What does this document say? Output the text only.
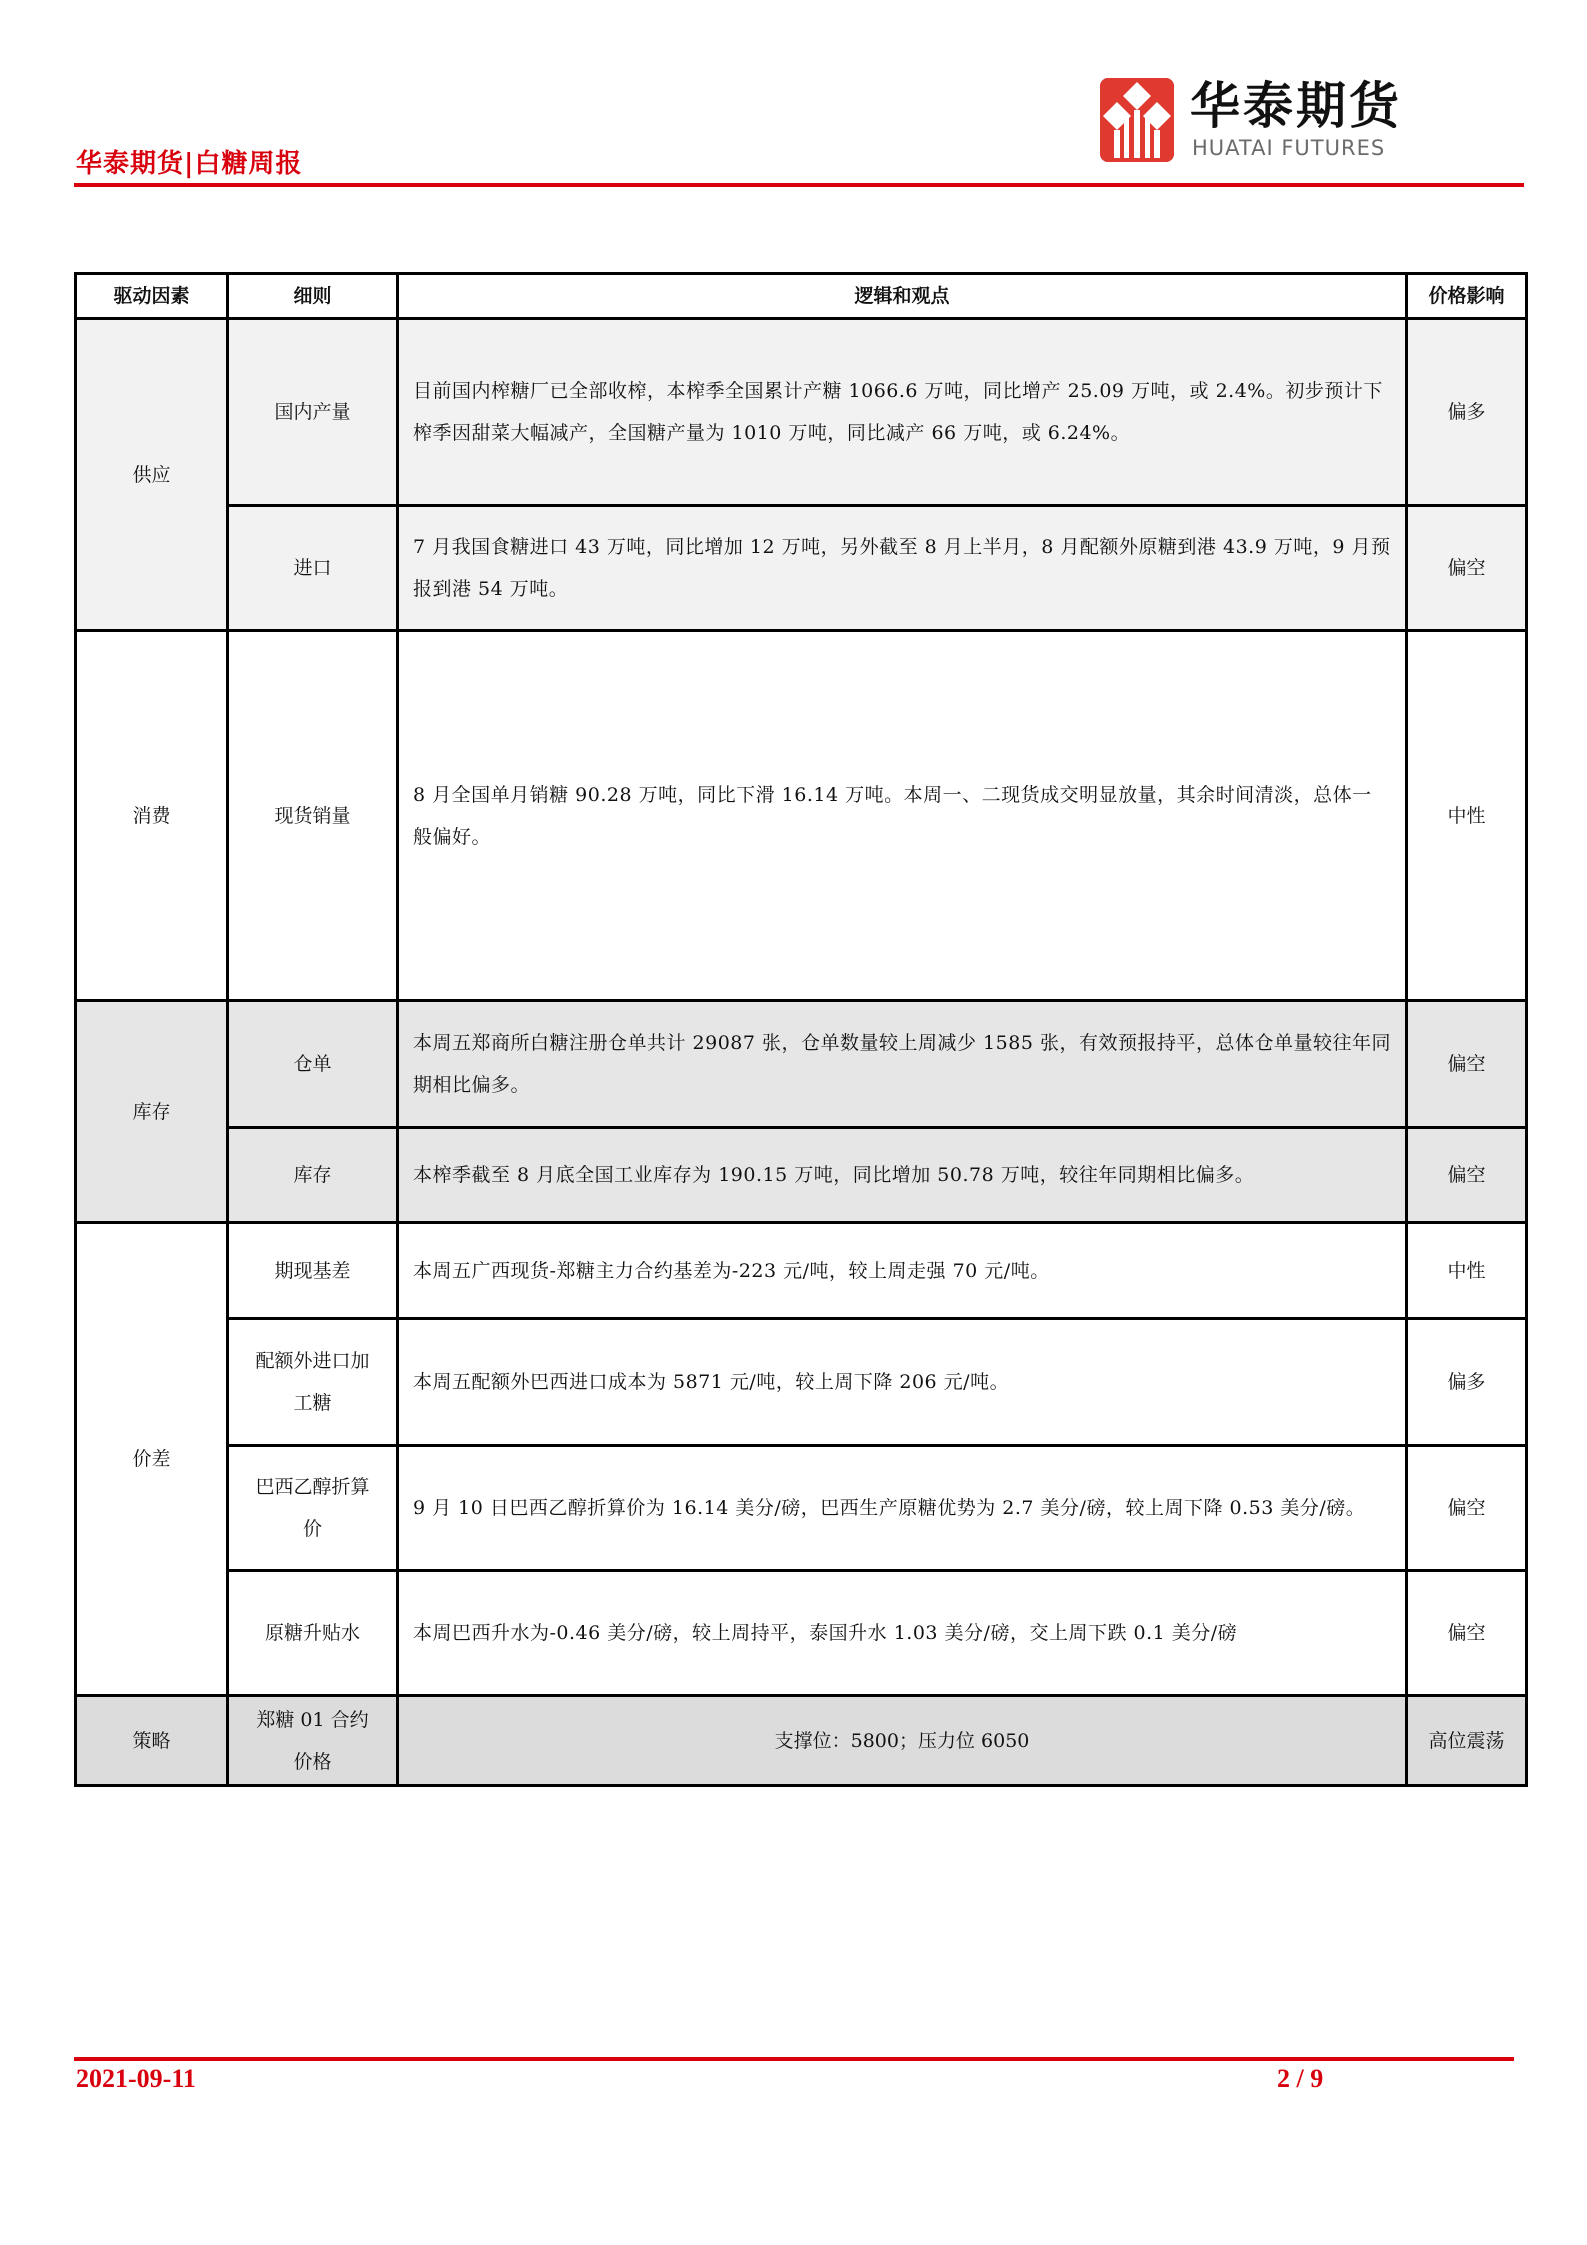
华泰期货
HUATAI FUTURES
华泰期货|白糖周报
驱动因素	细则	逻辑和观点	价格影响
供应	国内产量	目前国内榨糖厂已全部收榨，本榨季全国累计产糖 1066.6 万吨，同比增产 25.09 万吨，或 2.4%。初步预计下榨季因甜菜大幅减产，全国糖产量为 1010 万吨，同比减产 66 万吨，或 6.24%。	偏多
	进口	7 月我国食糖进口 43 万吨，同比增加 12 万吨，另外截至 8 月上半月，8 月配额外原糖到港 43.9 万吨，9 月预报到港 54 万吨。	偏空
消费	现货销量	8 月全国单月销糖 90.28 万吨，同比下滑 16.14 万吨。本周一、二现货成交明显放量，其余时间清淡，总体一般偏好。	中性
库存	仓单	本周五郑商所白糖注册仓单共计 29087 张，仓单数量较上周减少 1585 张，有效预报持平，总体仓单量较往年同期相比偏多。	偏空
	库存	本榨季截至 8 月底全国工业库存为 190.15 万吨，同比增加 50.78 万吨，较往年同期相比偏多。	偏空
价差	期现基差	本周五广西现货-郑糖主力合约基差为-223 元/吨，较上周走强 70 元/吨。	中性
	配额外进口加工糖	本周五配额外巴西进口成本为 5871 元/吨，较上周下降 206 元/吨。	偏多
	巴西乙醇折算价	9 月 10 日巴西乙醇折算价为 16.14 美分/磅，巴西生产原糖优势为 2.7 美分/磅，较上周下降 0.53 美分/磅。	偏空
	原糖升贴水	本周巴西升水为-0.46 美分/磅，较上周持平，泰国升水 1.03 美分/磅，交上周下跌 0.1 美分/磅	偏空
策略	郑糖 01 合约价格	支撑位：5800；压力位 6050	高位震荡
2021-09-11	2 / 9
